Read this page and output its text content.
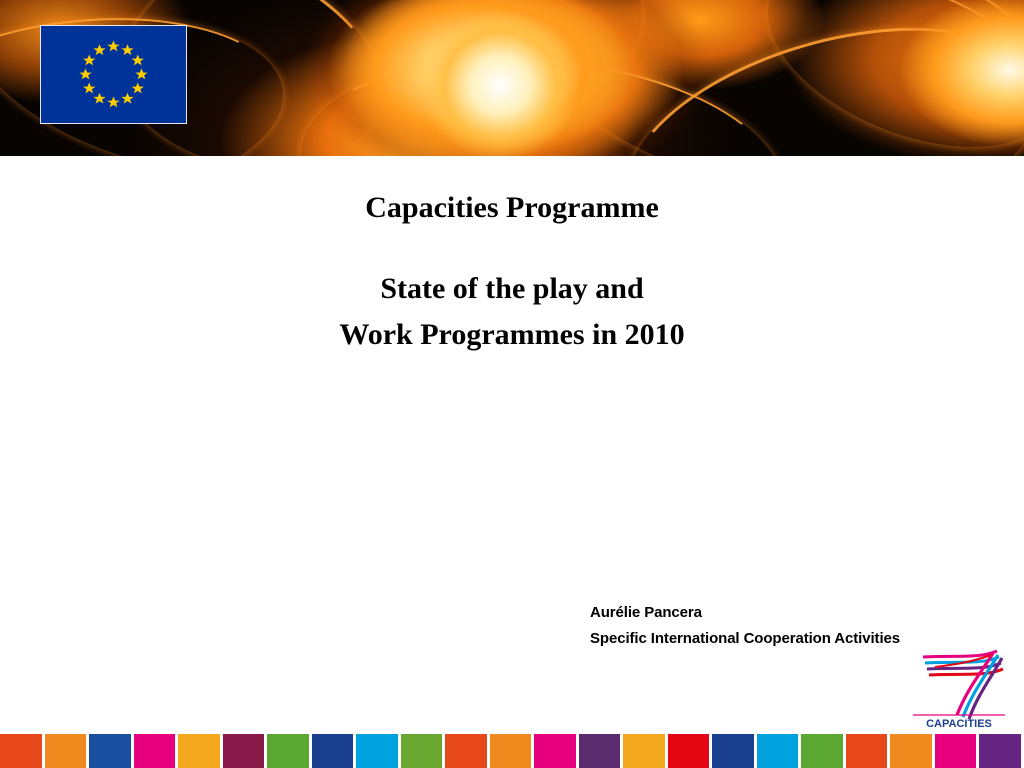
Capacities Programme
State of the play and
Work Programmes in 2010
Aurélie Pancera
Specific International Cooperation Activities
CAPACITIES
